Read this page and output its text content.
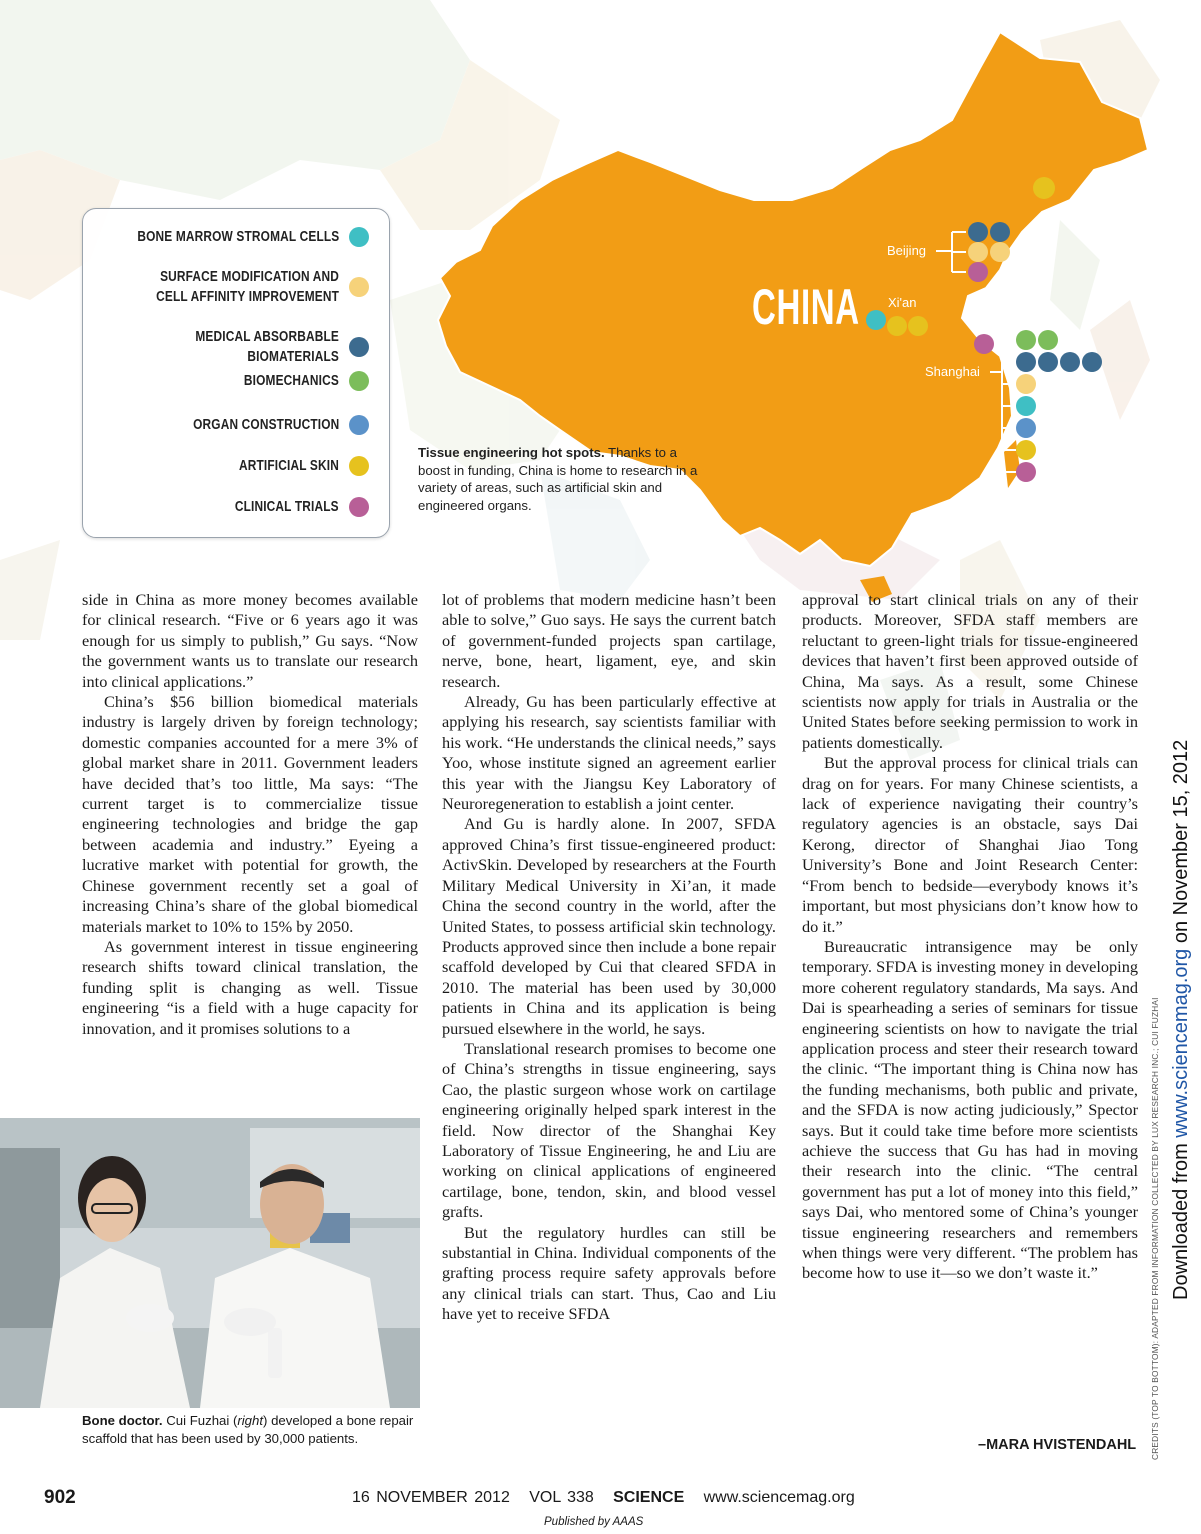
CHINA
Beijing
Xi'an
Shanghai
BONE MARROW STROMAL CELLS
SURFACE MODIFICATION AND
CELL AFFINITY IMPROVEMENT
MEDICAL ABSORBABLE BIOMATERIALS
BIOMECHANICS
ORGAN CONSTRUCTION
ARTIFICIAL SKIN
CLINICAL TRIALS
Tissue engineering hot spots. Thanks to a boost in funding, China is home to research in a variety of areas, such as artificial skin and engineered organs.

side in China as more money becomes available for clinical research. “Five or 6 years ago it was enough for us simply to publish,” Gu says. “Now the government wants us to translate our research into clinical applications.”

China’s $56 billion biomedical materials industry is largely driven by foreign technology; domestic companies accounted for a mere 3% of global market share in 2011. Government leaders have decided that’s too little, Ma says: “The current target is to commercialize tissue engineering technologies and bridge the gap between academia and industry.” Eyeing a lucrative market with potential for growth, the Chinese government recently set a goal of increasing China’s share of the global biomedical materials market to 10% to 15% by 2050.

As government interest in tissue engineering research shifts toward clinical translation, the funding split is changing as well. Tissue engineering “is a field with a huge capacity for innovation, and it promises solutions to a

lot of problems that modern medicine hasn’t been able to solve,” Guo says. He says the current batch of government-funded projects span cartilage, nerve, bone, heart, ligament, eye, and skin research.

Already, Gu has been particularly effective at applying his research, say scientists familiar with his work. “He understands the clinical needs,” says Yoo, whose institute signed an agreement earlier this year with the Jiangsu Key Laboratory of Neuroregeneration to establish a joint center.

And Gu is hardly alone. In 2007, SFDA approved China’s first tissue-engineered product: ActivSkin. Developed by researchers at the Fourth Military Medical University in Xi’an, it made China the second country in the world, after the United States, to possess artificial skin technology. Products approved since then include a bone repair scaffold developed by Cui that cleared SFDA in 2010. The material has been used by 30,000 patients in China and its application is being pursued elsewhere in the world, he says.

Translational research promises to become one of China’s strengths in tissue engineering, says Cao, the plastic surgeon whose work on cartilage engineering originally helped spark interest in the field. Now director of the Shanghai Key Laboratory of Tissue Engineering, he and Liu are working on clinical applications of engineered cartilage, bone, tendon, skin, and blood vessel grafts.

But the regulatory hurdles can still be substantial in China. Individual components of the grafting process require safety approvals before any clinical trials can start. Thus, Cao and Liu have yet to receive SFDA

approval to start clinical trials on any of their products. Moreover, SFDA staff members are reluctant to green-light trials for tissue-engineered devices that haven’t first been approved outside of China, Ma says. As a result, some Chinese scientists now apply for trials in Australia or the United States before seeking permission to work in patients domestically.

But the approval process for clinical trials can drag on for years. For many Chinese scientists, a lack of experience navigating their country’s regulatory agencies is an obstacle, says Dai Kerong, director of Shanghai Jiao Tong University’s Bone and Joint Research Center: “From bench to bedside—everybody knows it’s important, but most physicians don’t know how to do it.”

Bureaucratic intransigence may be only temporary. SFDA is investing money in developing more coherent regulatory standards, Ma says. And Dai is spearheading a series of seminars for tissue engineering scientists on how to navigate the trial application process and steer their research toward the clinic. “The important thing is China now has the funding mechanisms, both public and private, and the SFDA is now acting judiciously,” Spector says. But it could take time before more scientists achieve the success that Gu has had in moving their research into the clinic. “The central government has put a lot of money into this field,” says Dai, who mentored some of China’s younger tissue engineering researchers and remembers when things were very different. “The problem has become how to use it—so we don’t waste it.”

–MARA HVISTENDAHL
Bone doctor. Cui Fuzhai (right) developed a bone repair scaffold that has been used by 30,000 patients.	CREDITS (TOP TO BOTTOM): ADAPTED FROM INFORMATION COLLECTED BY LUX RESEARCH INC.; CUI FUZHAI Downloaded from www.sciencemag.org on November 15, 2012
902	16 NOVEMBER 2012 VOL 338 SCIENCE www.sciencemag.org
Published by AAAS
